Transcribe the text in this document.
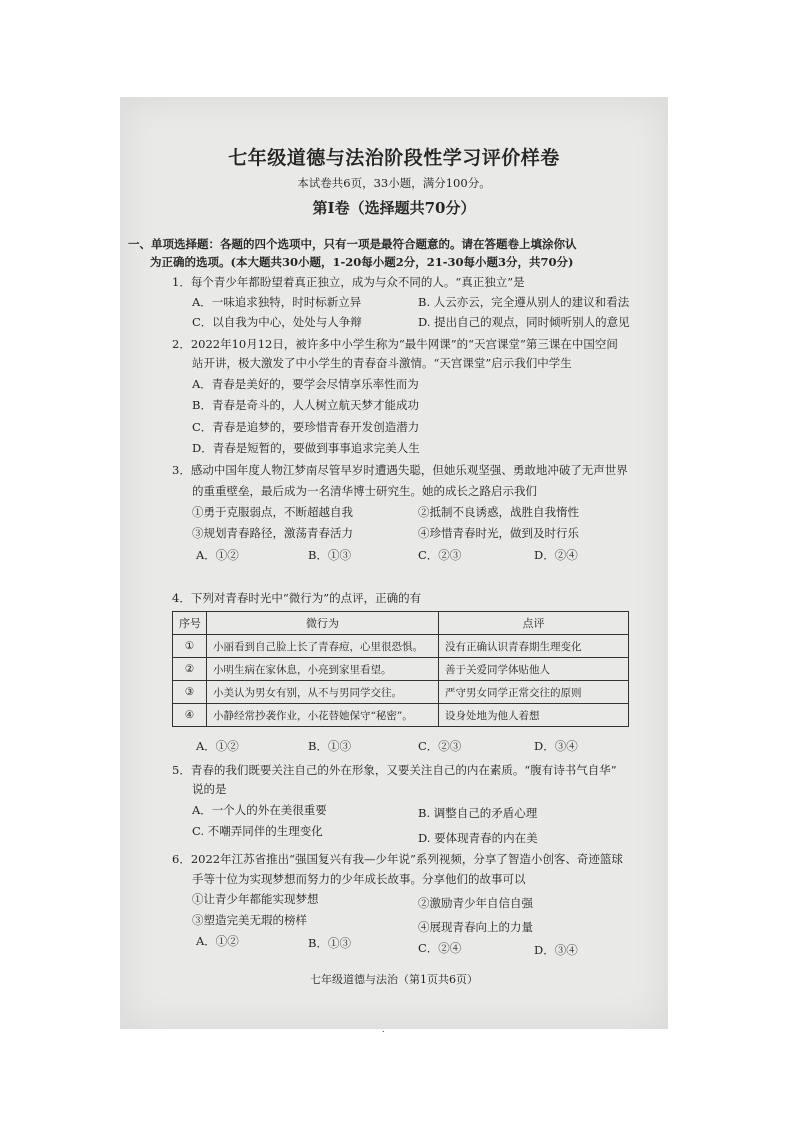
七年级道德与法治阶段性学习评价样卷
本试卷共6页，33小题，满分100分。
第Ⅰ卷（选择题共70分）
一、单项选择题：各题的四个选项中，只有一项是最符合题意的。请在答题卷上填涂你认
为正确的选项。(本大题共30小题，1-20每小题2分，21-30每小题3分，共70分)
1．每个青少年都盼望着真正独立，成为与众不同的人。“真正独立”是
A．一味追求独特，时时标新立异	B. 人云亦云，完全遵从别人的建议和看法
C．以自我为中心，处处与人争辩	D. 提出自己的观点，同时倾听别人的意见
2．2022年10月12日，被许多中小学生称为“最牛网课”的“天宫课堂”第三课在中国空间
站开讲，极大激发了中小学生的青春奋斗激情。“天宫课堂”启示我们中学生
A．青春是美好的，要学会尽情享乐率性而为
B．青春是奇斗的，人人树立航天梦才能成功
C．青春是追梦的，要珍惜青春开发创造潜力
D．青春是短暂的，要做到事事追求完美人生
3．感动中国年度人物江梦南尽管早岁时遭遇失聪，但她乐观坚强、勇敢地冲破了无声世界
的重重壁垒，最后成为一名清华博士研究生。她的成长之路启示我们
①勇于克服弱点，不断超越自我	②抵制不良诱惑，战胜自我惰性
③规划青春路径，激荡青春活力	④珍惜青春时光，做到及时行乐
A．①②	B．①③	C．②③	D．②④
4．下列对青春时光中“微行为”的点评，正确的有
序号	微行为	点评
①	小丽看到自己脸上长了青春痘，心里很恐惧。	没有正确认识青春期生理变化
②	小明生病在家休息，小亮到家里看望。	善于关爱同学体贴他人
③	小美认为男女有别，从不与男同学交往。	严守男女同学正常交往的原则
④	小静经常抄袭作业，小花替她保守“秘密”。	设身处地为他人着想
A．①②	B．①③	C．②③	D．③④
5．青春的我们既要关注自己的外在形象，又要关注自己的内在素质。“腹有诗书气自华”
说的是
A．一个人的外在美很重要	B. 调整自己的矛盾心理
C. 不嘲弄同伴的生理变化	D. 要体现青春的内在美
6．2022年江苏省推出“强国复兴有我—少年说”系列视频，分享了智造小创客、奇迹篮球
手等十位为实现梦想而努力的少年成长故事。分享他们的故事可以
①让青少年都能实现梦想	②激励青少年自信自强
③塑造完美无瑕的榜样	④展现青春向上的力量
A．①②	B．①③	C．②④	D．③④
七年级道德与法治（第1页共6页）
.
